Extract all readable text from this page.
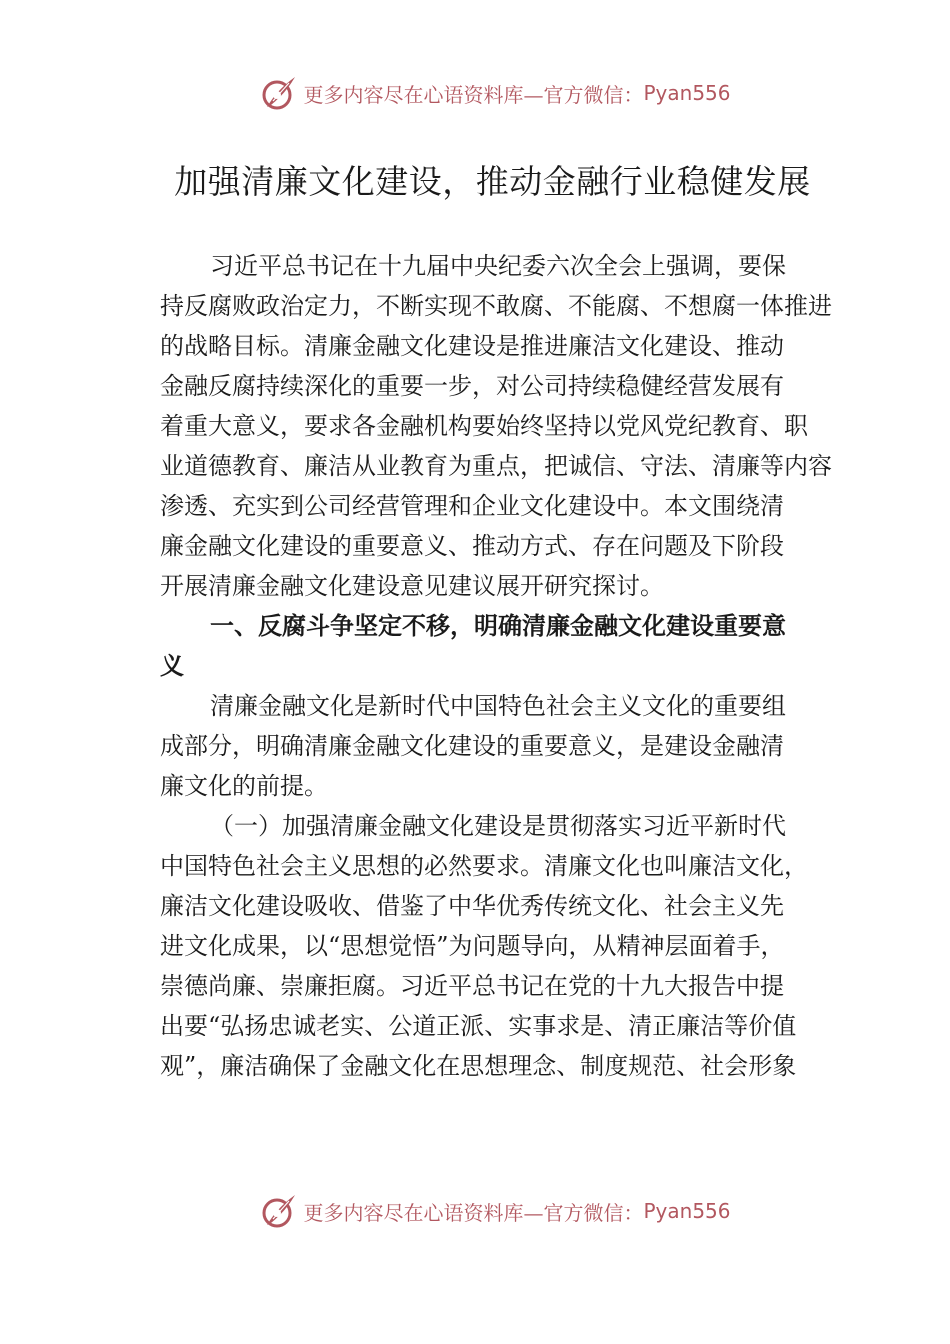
更多内容尽在心语资料库—官方微信： Pyan556
加强清廉文化建设，推动金融行业稳健发展
习近平总书记在十九届中央纪委六次全会上强调，要保
持反腐败政治定力，不断实现不敢腐、不能腐、不想腐一体推进
的战略目标。清廉金融文化建设是推进廉洁文化建设、推动
金融反腐持续深化的重要一步，对公司持续稳健经营发展有
着重大意义，要求各金融机构要始终坚持以党风党纪教育、职
业道德教育、廉洁从业教育为重点，把诚信、守法、清廉等内容
渗透、充实到公司经营管理和企业文化建设中。本文围绕清
廉金融文化建设的重要意义、推动方式、存在问题及下阶段
开展清廉金融文化建设意见建议展开研究探讨。
一、反腐斗争坚定不移，明确清廉金融文化建设重要意
义
清廉金融文化是新时代中国特色社会主义文化的重要组
成部分，明确清廉金融文化建设的重要意义，是建设金融清
廉文化的前提。
（一）加强清廉金融文化建设是贯彻落实习近平新时代
中国特色社会主义思想的必然要求。清廉文化也叫廉洁文化，
廉洁文化建设吸收、借鉴了中华优秀传统文化、社会主义先
进文化成果，以“思想觉悟”为问题导向，从精神层面着手，
崇德尚廉、崇廉拒腐。习近平总书记在党的十九大报告中提
出要“弘扬忠诚老实、公道正派、实事求是、清正廉洁等价值
观”，廉洁确保了金融文化在思想理念、制度规范、社会形象
更多内容尽在心语资料库—官方微信： Pyan556
